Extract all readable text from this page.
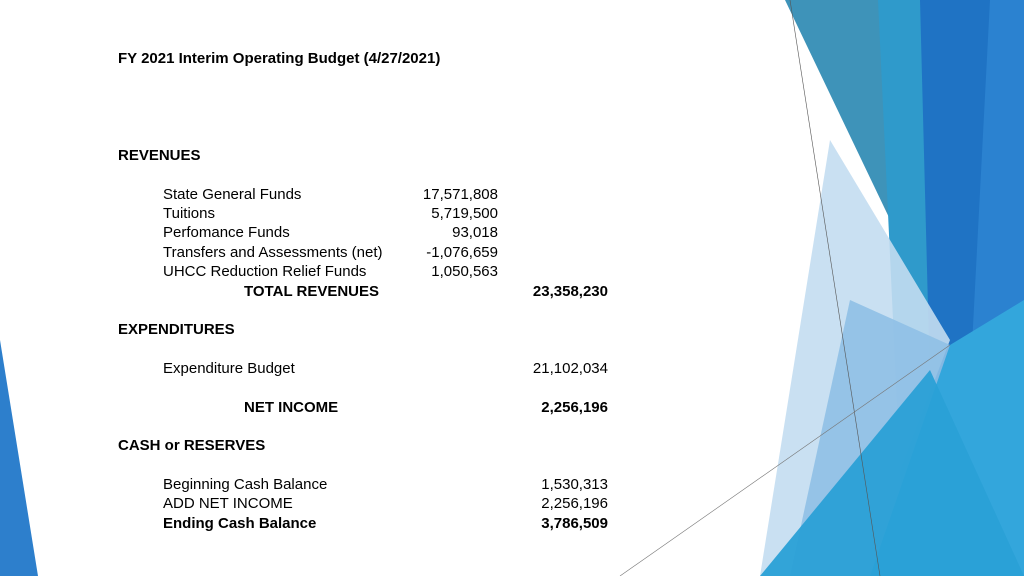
FY 2021 Interim Operating Budget (4/27/2021)
REVENUES
State General Funds	17,571,808
Tuitions	5,719,500
Perfomance Funds	93,018
Transfers and Assessments (net)	-1,076,659
UHCC Reduction Relief Funds	1,050,563
TOTAL REVENUES	23,358,230
EXPENDITURES
Expenditure Budget	21,102,034
NET INCOME	2,256,196
CASH or RESERVES
Beginning Cash Balance	1,530,313
ADD NET INCOME	2,256,196
Ending Cash Balance	3,786,509
